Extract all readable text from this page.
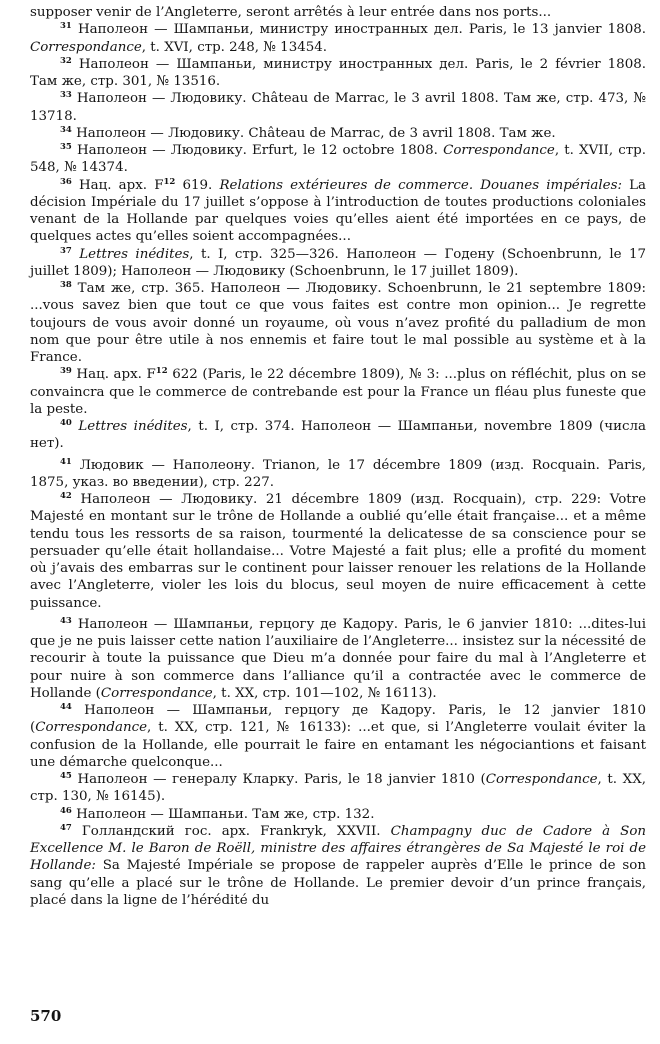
supposer venir de l’Angleterre, seront arrêtés à leur entrée dans nos ports...

$^{31}$ Наполеон — Шампаньи, министру иностранных дел. Paris, le 13 janvier 1808. Correspondance, t. XVI, стр. 248, № 13454.

$^{32}$ Наполеон — Шампаньи, министру иностранных дел. Paris, le 2 février 1808. Там же, стр. 301, № 13516.

$^{33}$ Наполеон — Людовику. Château de Marrac, le 3 avril 1808. Там же, стр. 473, № 13718.

$^{34}$ Наполеон — Людовику. Château de Marrac, de 3 avril 1808. Там же.

$^{35}$ Наполеон — Людовику. Erfurt, le 12 octobre 1808. Correspondance, t. XVII, стр. 548, № 14374.

$^{36}$ Нац. арх. $F^{12}$ 619. Relations extérieures de commerce. Douanes impériales: La décision Impériale du 17 juillet s’oppose à l’introduction de toutes productions coloniales venant de la Hollande par quelques voies qu’elles aient été importées en ce pays, de quelques actes qu’elles soient accompagnées...

$^{37}$ Lettres inédites, t. I, стр. 325—326. Наполеон — Годену (Schoenbrunn, le 17 juillet 1809); Наполеон — Людовику (Schoenbrunn, le 17 juillet 1809).

$^{38}$ Там же, стр. 365. Наполеон — Людовику. Schoenbrunn, le 21 septembre 1809: ...vous savez bien que tout ce que vous faites est contre mon opinion... Je regrette toujours de vous avoir donné un royaume, où vous n’avez profité du palladium de mon nom que pour être utile à nos ennemis et faire tout le mal possible au système et à la France.

$^{39}$ Нац. арх. $F^{12}$ 622 (Paris, le 22 décembre 1809), № 3: ...plus on réfléchit, plus on se convaincra que le commerce de contrebande est pour la France un fléau plus funeste que la peste.

$^{40}$ Lettres inédites, t. I, стр. 374. Наполеон — Шампаньи, novembre 1809 (числа нет).

$^{41}$ Людовик — Наполеону. Trianon, le 17 décembre 1809 (изд. Rocquain. Paris, 1875, указ. во введении), стр. 227.

$^{42}$ Наполеон — Людовику. 21 décembre 1809 (изд. Rocquain), стр. 229: Votre Majesté en montant sur le trône de Hollande a oublié qu’elle était française... et a même tendu tous les ressorts de sa raison, tourmenté la delicatesse de sa conscience pour se persuader qu’elle était hollandaise... Votre Majesté a fait plus; elle a profité du moment où j’avais des embarras sur le continent pour laisser renouer les relations de la Hollande avec l’Angleterre, violer les lois du blocus, seul moyen de nuire efficacement à cette puissance.

$^{43}$ Наполеон — Шампаньи, герцогу де Кадору. Paris, le 6 janvier 1810: ...dites-lui que je ne puis laisser cette nation l’auxiliaire de l’Angleterre... insistez sur la nécessité de recourir à toute la puissance que Dieu m’a donnée pour faire du mal à l’Angleterre et pour nuire à son commerce dans l’alliance qu’il a contractée avec le commerce de Hollande (Correspondance, t. XX, стр. 101—102, № 16113).

$^{44}$ Наполеон — Шампаньи, герцогу де Кадору. Paris, le 12 janvier 1810 (Correspondance, t. XX, стр. 121, № 16133): ...et que, si l’Angleterre voulait éviter la confusion de la Hollande, elle pourrait le faire en entamant les négociantions et faisant une démarche quelconque...

$^{45}$ Наполеон — генералу Кларку. Paris, le 18 janvier 1810 (Correspondance, t. XX, стр. 130, № 16145).

$^{46}$ Наполеон — Шампаньи. Там же, стр. 132.

$^{47}$ Голландский гос. арх. Frankryk, XXVII. Champagny duc de Cadore à Son Excellence M. le Baron de Roëll, ministre des affaires étrangères de Sa Majesté le roi de Hollande: Sa Majesté Impériale se propose de rappeler auprès d’Elle le prince de son sang qu’elle a placé sur le trône de Hollande. Le premier devoir d’un prince français, placé dans la ligne de l’hérédité du

570
